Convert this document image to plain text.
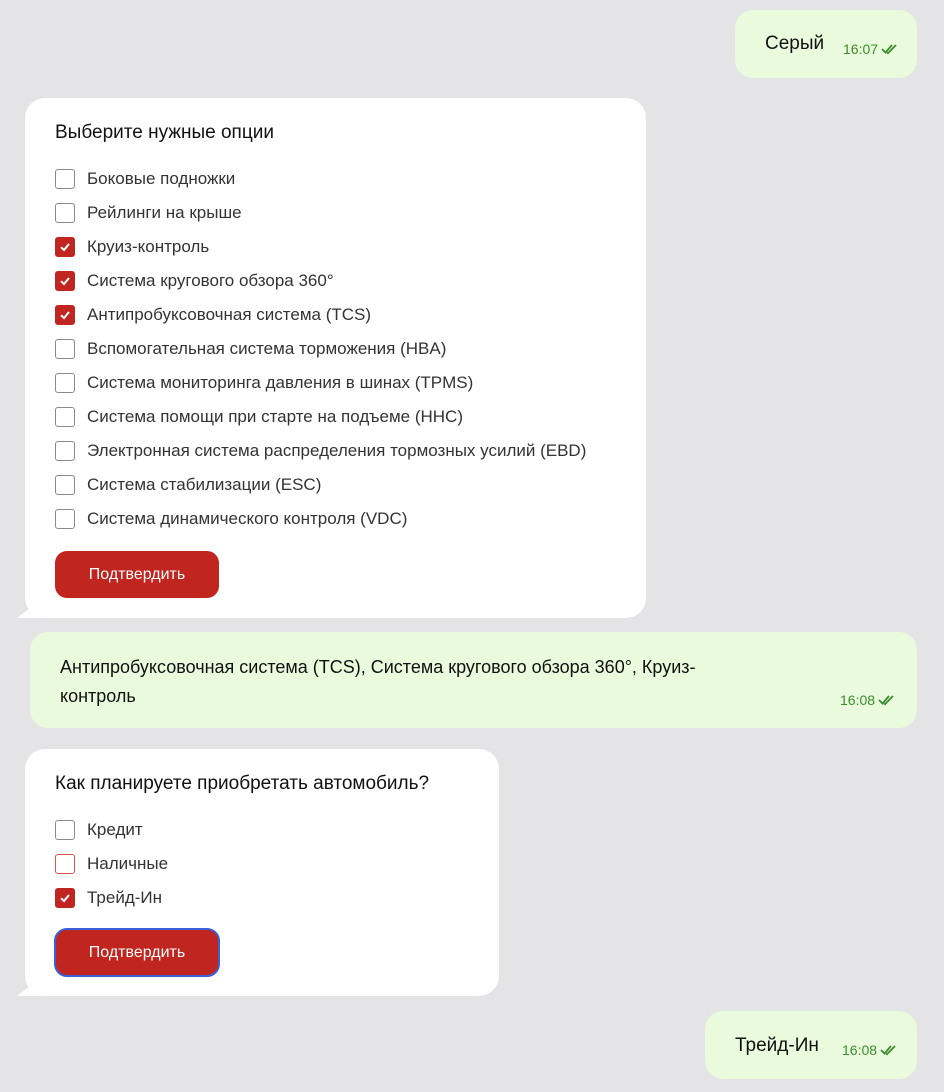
Серый 16:07
Выберите нужные опции
Боковые подножки
Рейлинги на крыше
Круиз-контроль
Система кругового обзора 360°
Антипробуксовочная система (TCS)
Вспомогательная система торможения (HBA)
Система мониторинга давления в шинах (TPMS)
Система помощи при старте на подъеме (HHC)
Электронная система распределения тормозных усилий (EBD)
Система стабилизации (ESC)
Система динамического контроля (VDC)
Подтвердить
Антипробуксовочная система (TCS), Система кругового обзора 360°, Круиз-
контроль	16:08
Как планируете приобретать автомобиль?
Кредит
Наличные
Трейд-Ин
Подтвердить
Трейд-Ин 16:08
